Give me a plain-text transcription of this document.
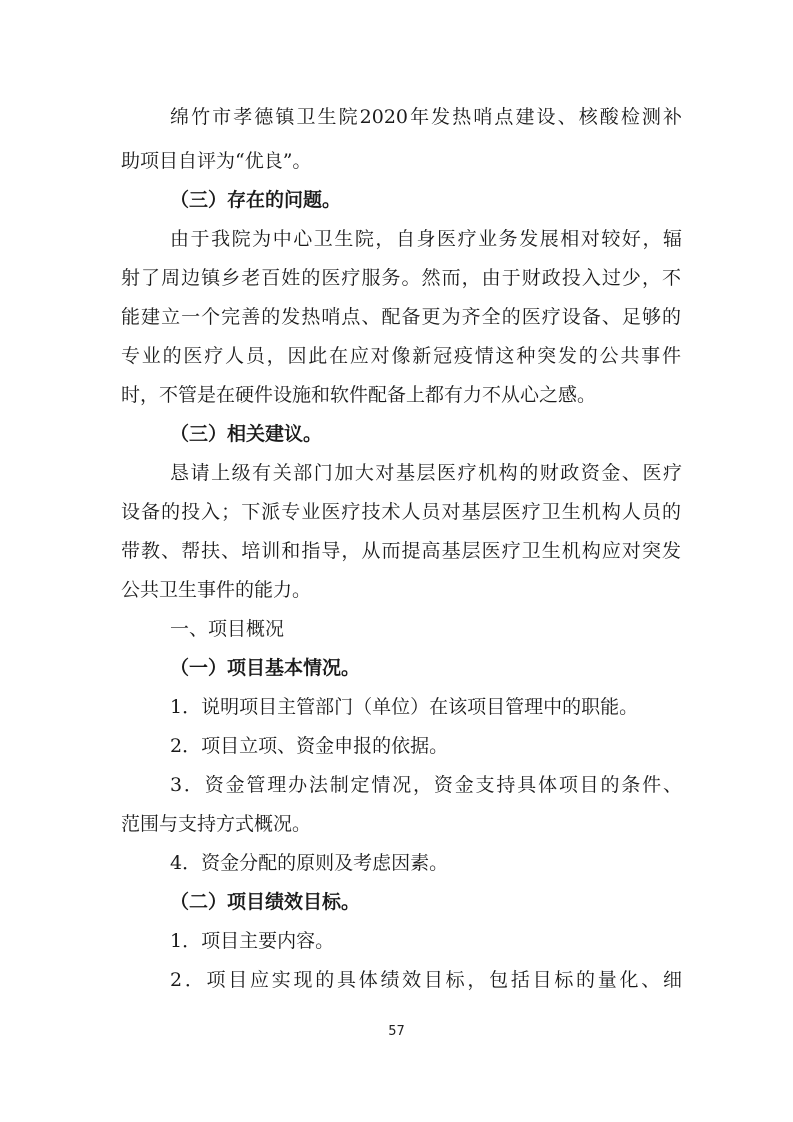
绵竹市孝德镇卫生院2020年发热哨点建设、核酸检测补
助项目自评为“优良”。
（三）存在的问题。
由于我院为中心卫生院，自身医疗业务发展相对较好，辐
射了周边镇乡老百姓的医疗服务。然而，由于财政投入过少，不
能建立一个完善的发热哨点、配备更为齐全的医疗设备、足够的
专业的医疗人员，因此在应对像新冠疫情这种突发的公共事件
时，不管是在硬件设施和软件配备上都有力不从心之感。
（三）相关建议。
恳请上级有关部门加大对基层医疗机构的财政资金、医疗
设备的投入；下派专业医疗技术人员对基层医疗卫生机构人员的
带教、帮扶、培训和指导，从而提高基层医疗卫生机构应对突发
公共卫生事件的能力。
一、项目概况
（一）项目基本情况。
1．说明项目主管部门（单位）在该项目管理中的职能。
2．项目立项、资金申报的依据。
3．资金管理办法制定情况，资金支持具体项目的条件、
范围与支持方式概况。
4．资金分配的原则及考虑因素。
（二）项目绩效目标。
1．项目主要内容。
2．项目应实现的具体绩效目标，包括目标的量化、细
57
